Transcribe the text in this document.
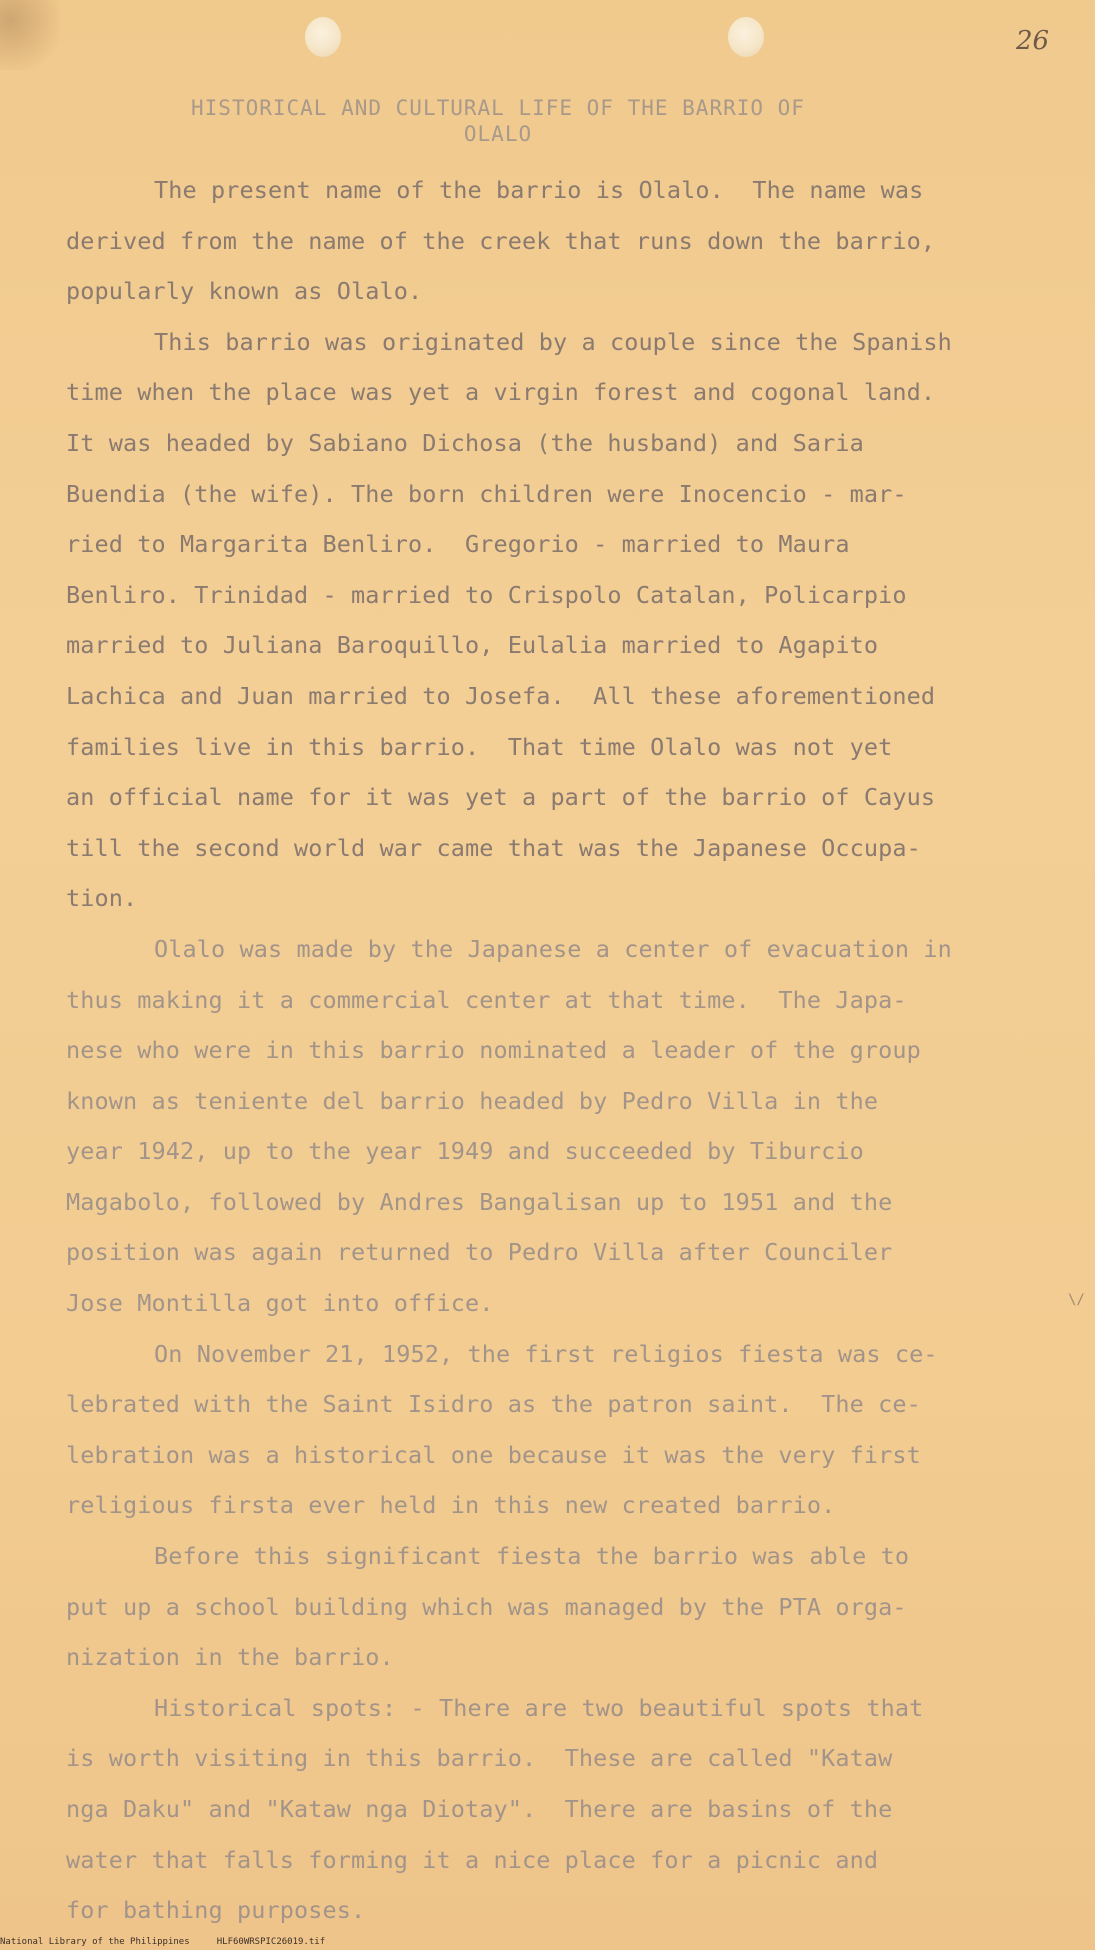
26
HISTORICAL AND CULTURAL LIFE OF THE BARRIO OF
OLALO
The present name of the barrio is Olalo.  The name was
derived from the name of the creek that runs down the barrio,
popularly known as Olalo.
This barrio was originated by a couple since the Spanish
time when the place was yet a virgin forest and cogonal land.
It was headed by Sabiano Dichosa (the husband) and Saria
Buendia (the wife). The born children were Inocencio - mar-
ried to Margarita Benliro.  Gregorio - married to Maura
Benliro. Trinidad - married to Crispolo Catalan, Policarpio
married to Juliana Baroquillo, Eulalia married to Agapito
Lachica and Juan married to Josefa.  All these aforementioned
families live in this barrio.  That time Olalo was not yet
an official name for it was yet a part of the barrio of Cayus
till the second world war came that was the Japanese Occupa-
tion.
Olalo was made by the Japanese a center of evacuation in
thus making it a commercial center at that time.  The Japa-
nese who were in this barrio nominated a leader of the group
known as teniente del barrio headed by Pedro Villa in the
year 1942, up to the year 1949 and succeeded by Tiburcio
Magabolo, followed by Andres Bangalisan up to 1951 and the
position was again returned to Pedro Villa after Counciler
Jose Montilla got into office.
On November 21, 1952, the first religios fiesta was ce-
lebrated with the Saint Isidro as the patron saint.  The ce-
lebration was a historical one because it was the very first
religious firsta ever held in this new created barrio.
Before this significant fiesta the barrio was able to
put up a school building which was managed by the PTA orga-
nization in the barrio.
Historical spots: - There are two beautiful spots that
is worth visiting in this barrio.  These are called "Kataw
nga Daku" and "Kataw nga Diotay".  There are basins of the
water that falls forming it a nice place for a picnic and
for bathing purposes.
\/
National Library of the Philippines     HLF60WRSPIC26019.tif
